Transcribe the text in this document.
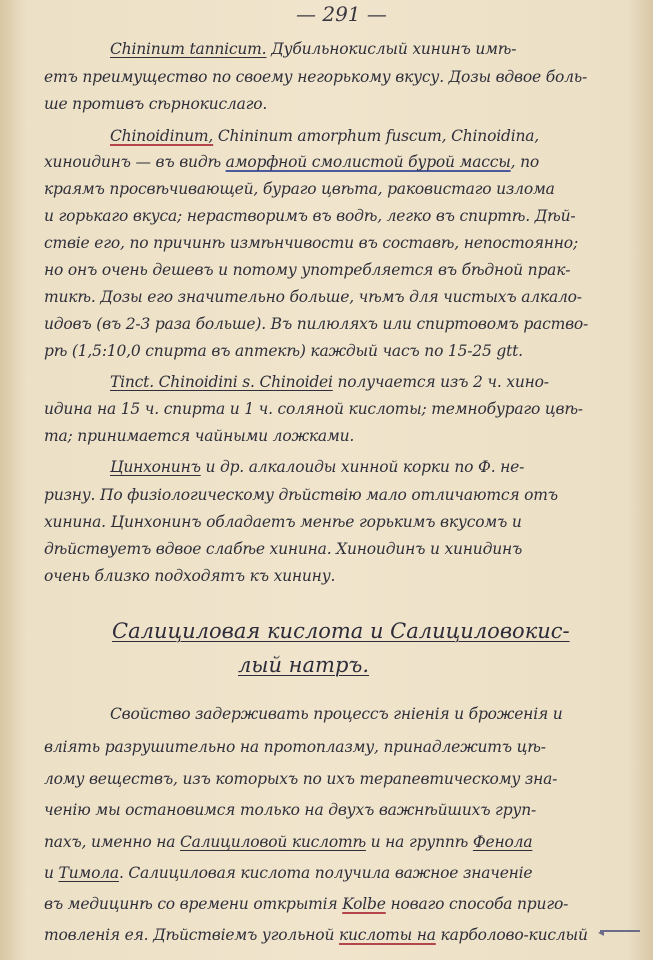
— 291 —
Chininum tannicum. Дубильнокислый хининъ имѣ-
етъ преимущество по своему негорькому вкусу. Дозы вдвое боль-
ше противъ сѣрнокислаго.
Chinoidinum, Chininum amorphum fuscum, Chinoidina,
хиноидинъ — въ видѣ аморфной смолистой бурой массы, по
краямъ просвѣчивающей, бураго цвѣта, раковистаго излома
и горькаго вкуса; нерастворимъ въ водѣ, легко въ спиртѣ. Дѣй-
ствіе его, по причинѣ измѣнчивости въ составѣ, непостоянно;
но онъ очень дешевъ и потому употребляется въ бѣдной прак-
тикѣ. Дозы его значительно больше, чѣмъ для чистыхъ алкало-
идовъ (въ 2-3 раза больше). Въ пилюляхъ или спиртовомъ раство-
рѣ (1,5:10,0 спирта въ аптекѣ) каждый часъ по 15-25 gtt.
Tinct. Chinoidini s. Chinoidei получается изъ 2 ч. хино-
идина на 15 ч. спирта и 1 ч. соляной кислоты; темнобураго цвѣ-
та; принимается чайными ложками.
Цинхонинъ и др. алкалоиды хинной корки по Ф. не-
ризну. По физіологическому дѣйствію мало отличаются отъ
хинина. Цинхонинъ обладаетъ менѣе горькимъ вкусомъ и
дѣйствуетъ вдвое слабѣе хинина. Хиноидинъ и хинидинъ
очень близко подходятъ къ хинину.
Салициловая кислота и Салициловокис-
лый натръ.
Свойство задерживать процессъ гніенія и броженія и
вліять разрушительно на протоплазму, принадлежитъ цѣ-
лому веществъ, изъ которыхъ по ихъ терапевтическому зна-
ченію мы остановимся только на двухъ важнѣйшихъ груп-
пахъ, именно на Салициловой кислотѣ и на группѣ Фенола
и Тимола. Салициловая кислота получила важное значеніе
въ медицинѣ со времени открытія Kolbe новаго способа приго-
товленія ея. Дѣйствіемъ угольной кислоты на карболово-кислый ◂
